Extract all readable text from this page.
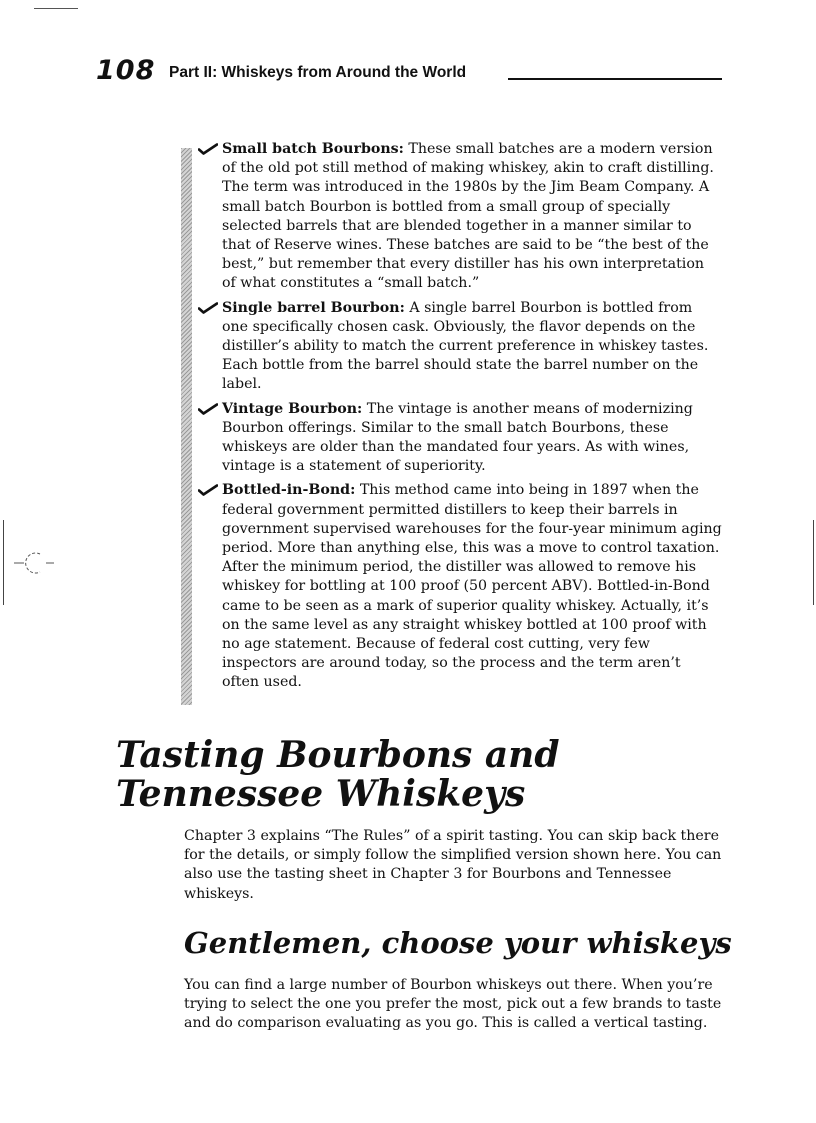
108 Part II: Whiskeys from Around the World
Small batch Bourbons: These small batches are a modern version of the old pot still method of making whiskey, akin to craft distilling. The term was introduced in the 1980s by the Jim Beam Company. A small batch Bourbon is bottled from a small group of specially selected barrels that are blended together in a manner similar to that of Reserve wines. These batches are said to be “the best of the best,” but remember that every distiller has his own interpretation of what constitutes a “small batch.”
Single barrel Bourbon: A single barrel Bourbon is bottled from one specifically chosen cask. Obviously, the flavor depends on the distiller’s ability to match the current preference in whiskey tastes. Each bottle from the barrel should state the barrel number on the label.
Vintage Bourbon: The vintage is another means of modernizing Bourbon offerings. Similar to the small batch Bourbons, these whiskeys are older than the mandated four years. As with wines, vintage is a statement of superiority.
Bottled-in-Bond: This method came into being in 1897 when the federal government permitted distillers to keep their barrels in government supervised warehouses for the four-year minimum aging period. More than anything else, this was a move to control taxation. After the minimum period, the distiller was allowed to remove his whiskey for bottling at 100 proof (50 percent ABV). Bottled-in-Bond came to be seen as a mark of superior quality whiskey. Actually, it’s on the same level as any straight whiskey bottled at 100 proof with no age statement. Because of federal cost cutting, very few inspectors are around today, so the process and the term aren’t often used.
Tasting Bourbons and
Tennessee Whiskeys

Chapter 3 explains “The Rules” of a spirit tasting. You can skip back there for the details, or simply follow the simplified version shown here. You can also use the tasting sheet in Chapter 3 for Bourbons and Tennessee whiskeys.

Gentlemen, choose your whiskeys

You can find a large number of Bourbon whiskeys out there. When you’re trying to select the one you prefer the most, pick out a few brands to taste and do comparison evaluating as you go. This is called a vertical tasting.
